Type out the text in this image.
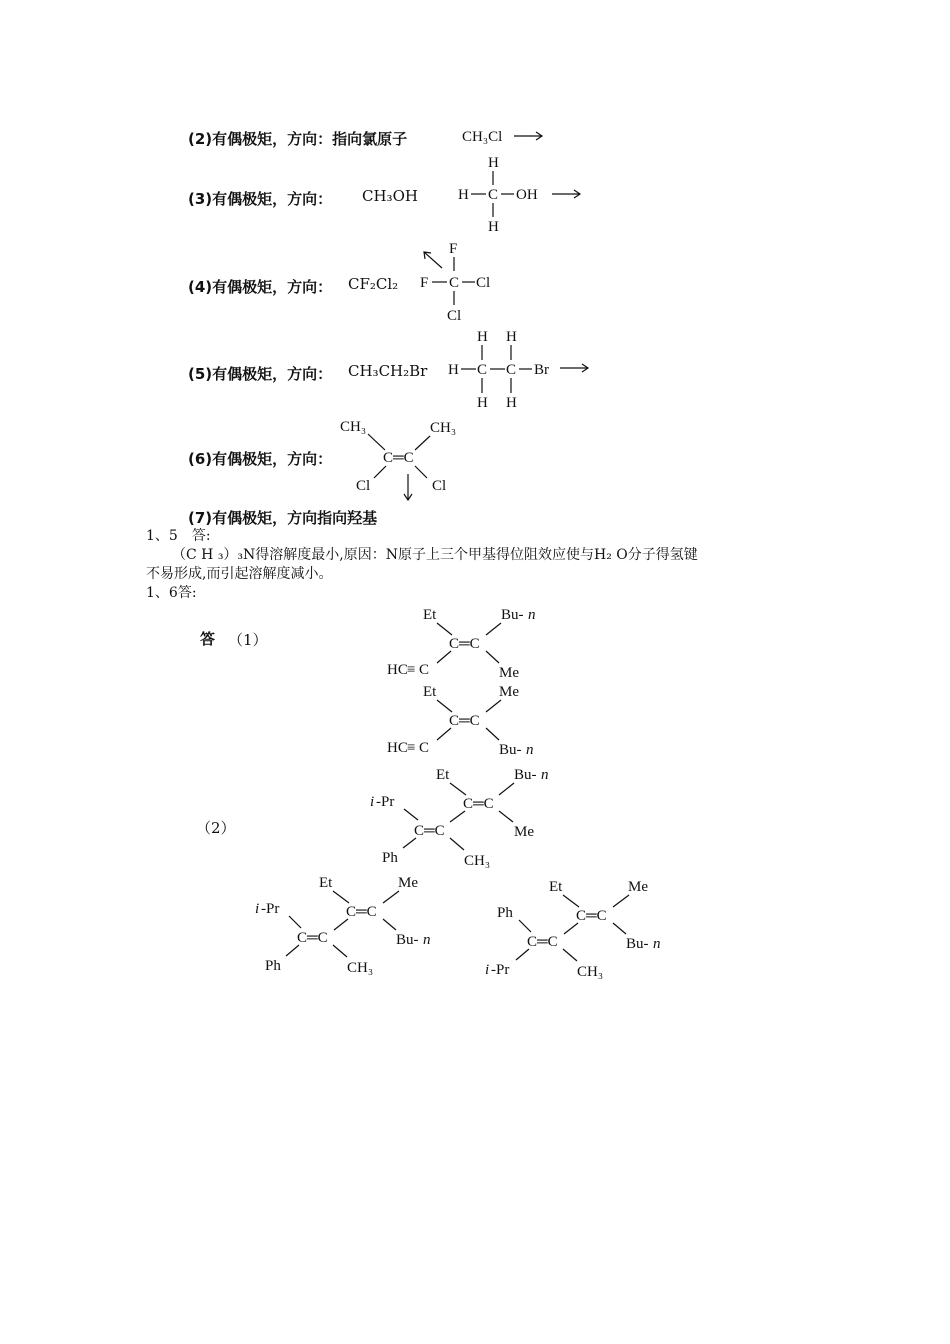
(2)有偶极矩，方向：指向氯原子	CH₃Cl
(3)有偶极矩，方向： CH₃OH
H
H C OH
H
(4)有偶极矩，方向： CF₂Cl₂
F
F C Cl
Cl
(5)有偶极矩，方向： CH₃CH₂Br
H H
H C C Br
H H
(6)有偶极矩，方向：
CH₃	CH₃
C═C
Cl	Cl
(7)有偶极矩，方向指向羟基
1、5　答:
（C H ₃）₃N得溶解度最小,原因：N原子上三个甲基得位阻效应使与H₂ O分子得氢键
不易形成,而引起溶解度减小。
1、6答:
答 （1）
（2）
Et	Bu- n
C═C
HC ≡ C	Me
Et	Me
C═C
HC ≡ C	Bu- n
Et	Bu- n
C═C
Me
i -Pr
C═C
Ph	CH₃
Et	Me
C═C
Bu- n
i -Pr
C═C
Ph	CH₃
Et	Me
C═C
Bu- n
Ph
C═C
i -Pr	CH₃
